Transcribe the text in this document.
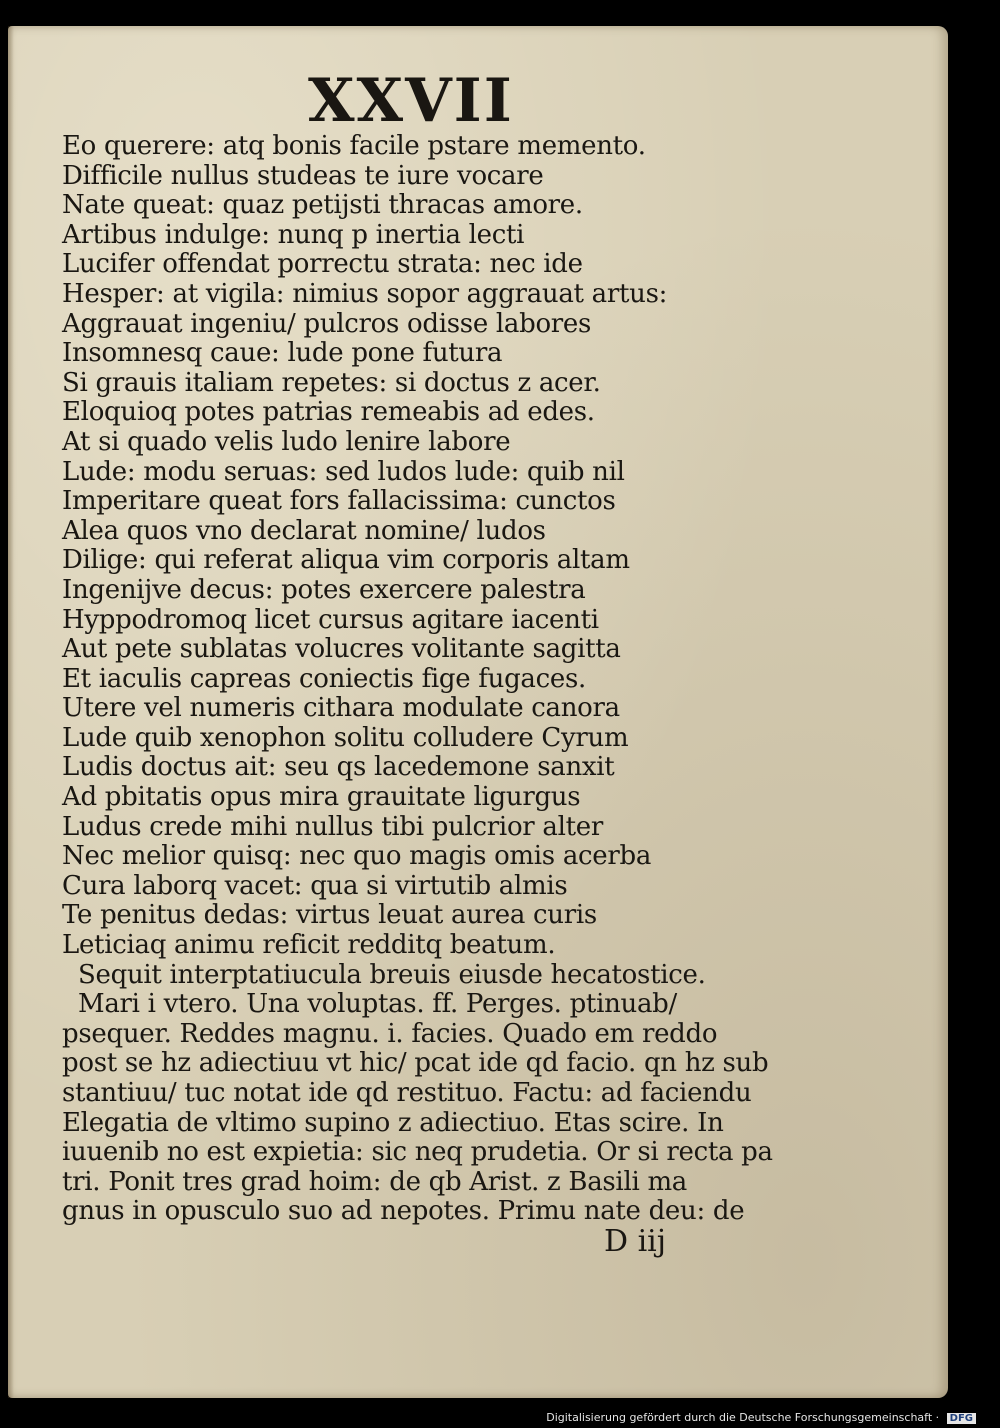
XXVII
Eo querere: atq bonis facile pstare memento.
Difficile nullus studeas te iure vocare
Nate queat: quaz petijsti thracas amore.
Artibus indulge: nunq p inertia lecti
Lucifer offendat porrectu strata: nec ide
Hesper: at vigila: nimius sopor aggrauat artus:
Aggrauat ingeniu/ pulcros odisse labores
Insomnesq caue: lude pone futura
Si grauis italiam repetes: si doctus z acer.
Eloquioq potes patrias remeabis ad edes.
At si quado velis ludo lenire labore
Lude: modu seruas: sed ludos lude: quib nil
Imperitare queat fors fallacissima: cunctos
Alea quos vno declarat nomine/ ludos
Dilige: qui referat aliqua vim corporis altam
Ingenijve decus: potes exercere palestra
Hyppodromoq licet cursus agitare iacenti
Aut pete sublatas volucres volitante sagitta
Et iaculis capreas coniectis fige fugaces.
Utere vel numeris cithara modulate canora
Lude quib xenophon solitu colludere Cyrum
Ludis doctus ait: seu qs lacedemone sanxit
Ad pbitatis opus mira grauitate ligurgus
Ludus crede mihi nullus tibi pulcrior alter
Nec melior quisq: nec quo magis omis acerba
Cura laborq vacet: qua si virtutib almis
Te penitus dedas: virtus leuat aurea curis
Leticiaq animu reficit redditq beatum.
Sequit interptatiucula breuis eiusde hecatostice.
Mari i vtero. Una voluptas. ff. Perges. ptinuab/
psequer. Reddes magnu. i. facies. Quado em reddo
post se hz adiectiuu vt hic/ pcat ide qd facio. qn hz sub
stantiuu/ tuc notat ide qd restituo. Factu: ad faciendu
Elegatia de vltimo supino z adiectiuo. Etas scire. In
iuuenib no est expietia: sic neq prudetia. Or si recta pa
tri. Ponit tres grad hoim: de qb Arist. z Basili ma
gnus in opusculo suo ad nepotes. Primu nate deu: de
D iij
Digitalisierung gefördert durch die Deutsche Forschungsgemeinschaft · DFG
